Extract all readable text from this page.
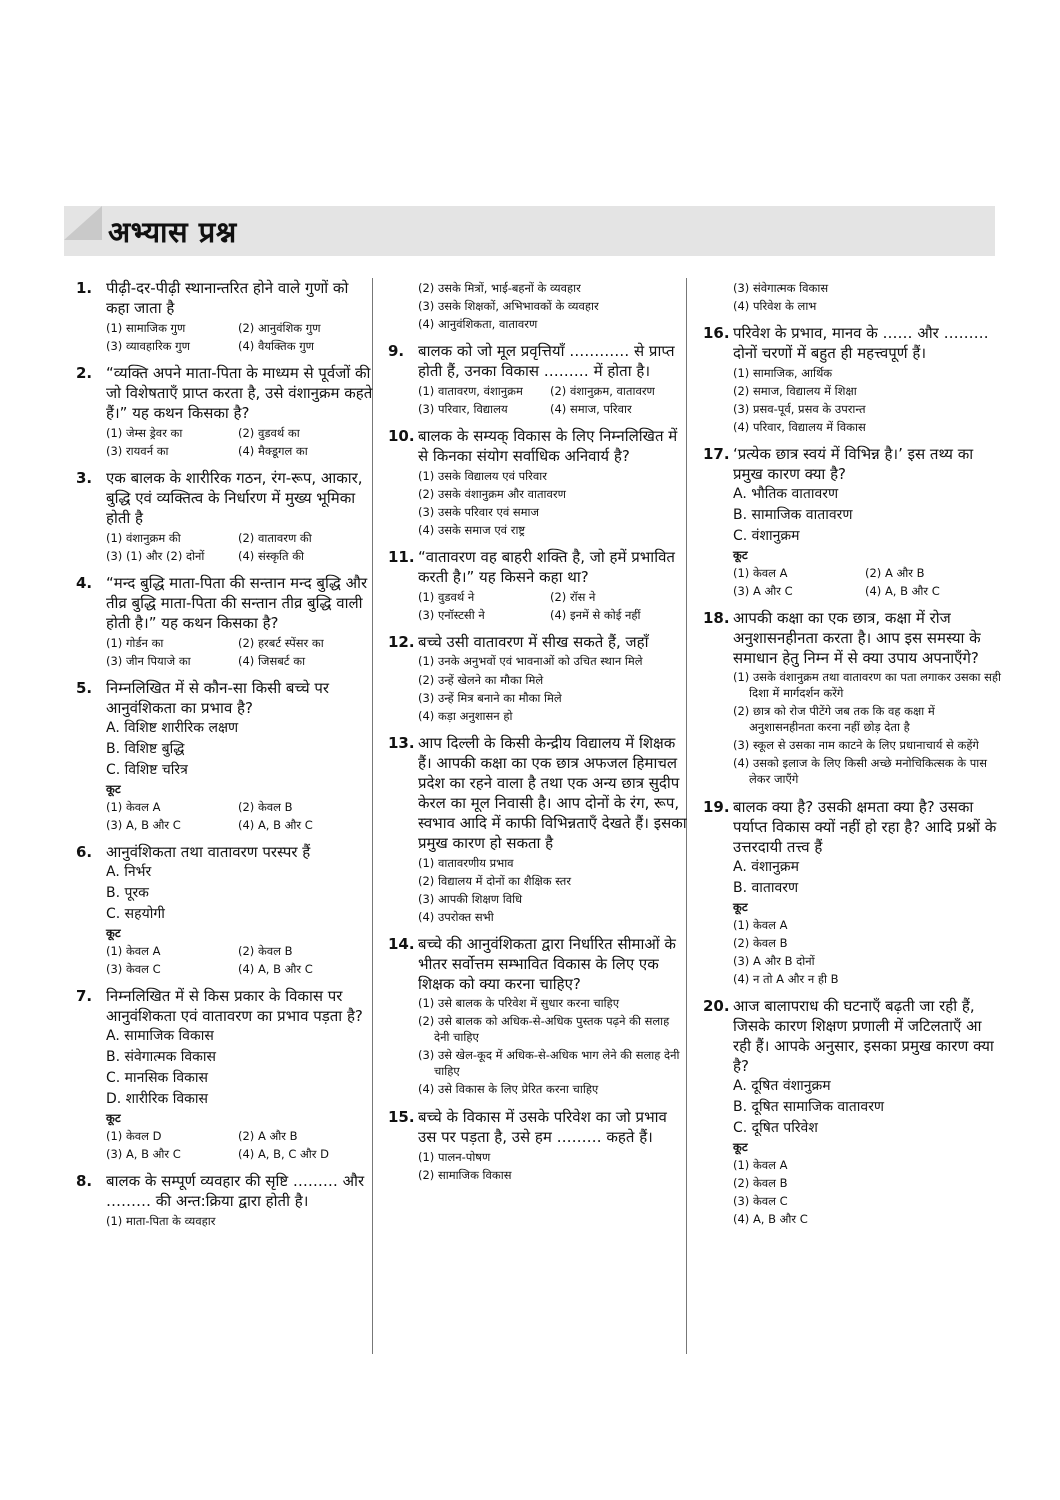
अभ्यास प्रश्न
1. पीढ़ी-दर-पीढ़ी स्थानान्तरित होने वाले गुणों को कहा जाता है
(1) सामाजिक गुण	(2) आनुवंशिक गुण
(3) व्यावहारिक गुण	(4) वैयक्तिक गुण
2. “व्यक्ति अपने माता-पिता के माध्यम से पूर्वजों की जो विशेषताएँ प्राप्त करता है, उसे वंशानुक्रम कहते हैं।” यह कथन किसका है?
(1) जेम्स ड्रेवर का	(2) वुडवर्थ का
(3) रायवर्न का	(4) मैक्डूगल का
3. एक बालक के शारीरिक गठन, रंग-रूप, आकार, बुद्धि एवं व्यक्तित्व के निर्धारण में मुख्य भूमिका होती है
(1) वंशानुक्रम की	(2) वातावरण की
(3) (1) और (2) दोनों	(4) संस्कृति की
4. “मन्द बुद्धि माता-पिता की सन्तान मन्द बुद्धि और तीव्र बुद्धि माता-पिता की सन्तान तीव्र बुद्धि वाली होती है।” यह कथन किसका है?
(1) गोर्डन का	(2) हरबर्ट स्पेंसर का
(3) जीन पियाजे का	(4) जिसबर्ट का
5. निम्नलिखित में से कौन-सा किसी बच्चे पर आनुवंशिकता का प्रभाव है?
A. विशिष्ट शारीरिक लक्षण
B. विशिष्ट बुद्धि
C. विशिष्ट चरित्र
कूट
(1) केवल A	(2) केवल B
(3) A, B और C	(4) A, B और C
6. आनुवंशिकता तथा वातावरण परस्पर हैं
A. निर्भर
B. पूरक
C. सहयोगी
कूट
(1) केवल A	(2) केवल B
(3) केवल C	(4) A, B और C
7. निम्नलिखित में से किस प्रकार के विकास पर आनुवंशिकता एवं वातावरण का प्रभाव पड़ता है?
A. सामाजिक विकास
B. संवेगात्मक विकास
C. मानसिक विकास
D. शारीरिक विकास
कूट
(1) केवल D	(2) A और B
(3) A, B और C	(4) A, B, C और D
8. बालक के सम्पूर्ण व्यवहार की सृष्टि ……… और ……… की अन्त:क्रिया द्वारा होती है।
(1) माता-पिता के व्यवहार
(2) उसके मित्रों, भाई-बहनों के व्यवहार
(3) उसके शिक्षकों, अभिभावकों के व्यवहार
(4) आनुवंशिकता, वातावरण
9. बालक को जो मूल प्रवृत्तियाँ ………… से प्राप्त होती हैं, उनका विकास ……… में होता है।
(1) वातावरण, वंशानुक्रम	(2) वंशानुक्रम, वातावरण
(3) परिवार, विद्यालय	(4) समाज, परिवार
10. बालक के सम्यक् विकास के लिए निम्नलिखित में से किनका संयोग सर्वाधिक अनिवार्य है?
(1) उसके विद्यालय एवं परिवार
(2) उसके वंशानुक्रम और वातावरण
(3) उसके परिवार एवं समाज
(4) उसके समाज एवं राष्ट्र
11. “वातावरण वह बाहरी शक्ति है, जो हमें प्रभावित करती है।” यह किसने कहा था?
(1) वुडवर्थ ने	(2) रॉस ने
(3) एनॉस्टसी ने	(4) इनमें से कोई नहीं
12. बच्चे उसी वातावरण में सीख सकते हैं, जहाँ
(1) उनके अनुभवों एवं भावनाओं को उचित स्थान मिले
(2) उन्हें खेलने का मौका मिले
(3) उन्हें मित्र बनाने का मौका मिले
(4) कड़ा अनुशासन हो
13. आप दिल्ली के किसी केन्द्रीय विद्यालय में शिक्षक हैं। आपकी कक्षा का एक छात्र अफजल हिमाचल प्रदेश का रहने वाला है तथा एक अन्य छात्र सुदीप केरल का मूल निवासी है। आप दोनों के रंग, रूप, स्वभाव आदि में काफी विभिन्नताएँ देखते हैं। इसका प्रमुख कारण हो सकता है
(1) वातावरणीय प्रभाव
(2) विद्यालय में दोनों का शैक्षिक स्तर
(3) आपकी शिक्षण विधि
(4) उपरोक्त सभी
14. बच्चे की आनुवंशिकता द्वारा निर्धारित सीमाओं के भीतर सर्वोत्तम सम्भावित विकास के लिए एक शिक्षक को क्या करना चाहिए?
(1) उसे बालक के परिवेश में सुधार करना चाहिए
(2) उसे बालक को अधिक-से-अधिक पुस्तक पढ़ने की सलाह देनी चाहिए
(3) उसे खेल-कूद में अधिक-से-अधिक भाग लेने की सलाह देनी चाहिए
(4) उसे विकास के लिए प्रेरित करना चाहिए
15. बच्चे के विकास में उसके परिवेश का जो प्रभाव उस पर पड़ता है, उसे हम ……… कहते हैं।
(1) पालन-पोषण
(2) सामाजिक विकास
(3) संवेगात्मक विकास
(4) परिवेश के लाभ
16. परिवेश के प्रभाव, मानव के …… और ……… दोनों चरणों में बहुत ही महत्त्वपूर्ण हैं।
(1) सामाजिक, आर्थिक
(2) समाज, विद्यालय में शिक्षा
(3) प्रसव-पूर्व, प्रसव के उपरान्त
(4) परिवार, विद्यालय में विकास
17. ‘प्रत्येक छात्र स्वयं में विभिन्न है।’ इस तथ्य का प्रमुख कारण क्या है?
A. भौतिक वातावरण
B. सामाजिक वातावरण
C. वंशानुक्रम
कूट
(1) केवल A	(2) A और B
(3) A और C	(4) A, B और C
18. आपकी कक्षा का एक छात्र, कक्षा में रोज अनुशासनहीनता करता है। आप इस समस्या के समाधान हेतु निम्न में से क्या उपाय अपनाएँगे?
(1) उसके वंशानुक्रम तथा वातावरण का पता लगाकर उसका सही दिशा में मार्गदर्शन करेंगे
(2) छात्र को रोज पीटेंगे जब तक कि वह कक्षा में अनुशासनहीनता करना नहीं छोड़ देता है
(3) स्कूल से उसका नाम काटने के लिए प्रधानाचार्य से कहेंगे
(4) उसको इलाज के लिए किसी अच्छे मनोचिकित्सक के पास लेकर जाएँगे
19. बालक क्या है? उसकी क्षमता क्या है? उसका पर्याप्त विकास क्यों नहीं हो रहा है? आदि प्रश्नों के उत्तरदायी तत्त्व हैं
A. वंशानुक्रम
B. वातावरण
कूट
(1) केवल A
(2) केवल B
(3) A और B दोनों
(4) न तो A और न ही B
20. आज बालापराध की घटनाएँ बढ़ती जा रही हैं, जिसके कारण शिक्षण प्रणाली में जटिलताएँ आ रही हैं। आपके अनुसार, इसका प्रमुख कारण क्या है?
A. दूषित वंशानुक्रम
B. दूषित सामाजिक वातावरण
C. दूषित परिवेश
कूट
(1) केवल A
(2) केवल B
(3) केवल C
(4) A, B और C
